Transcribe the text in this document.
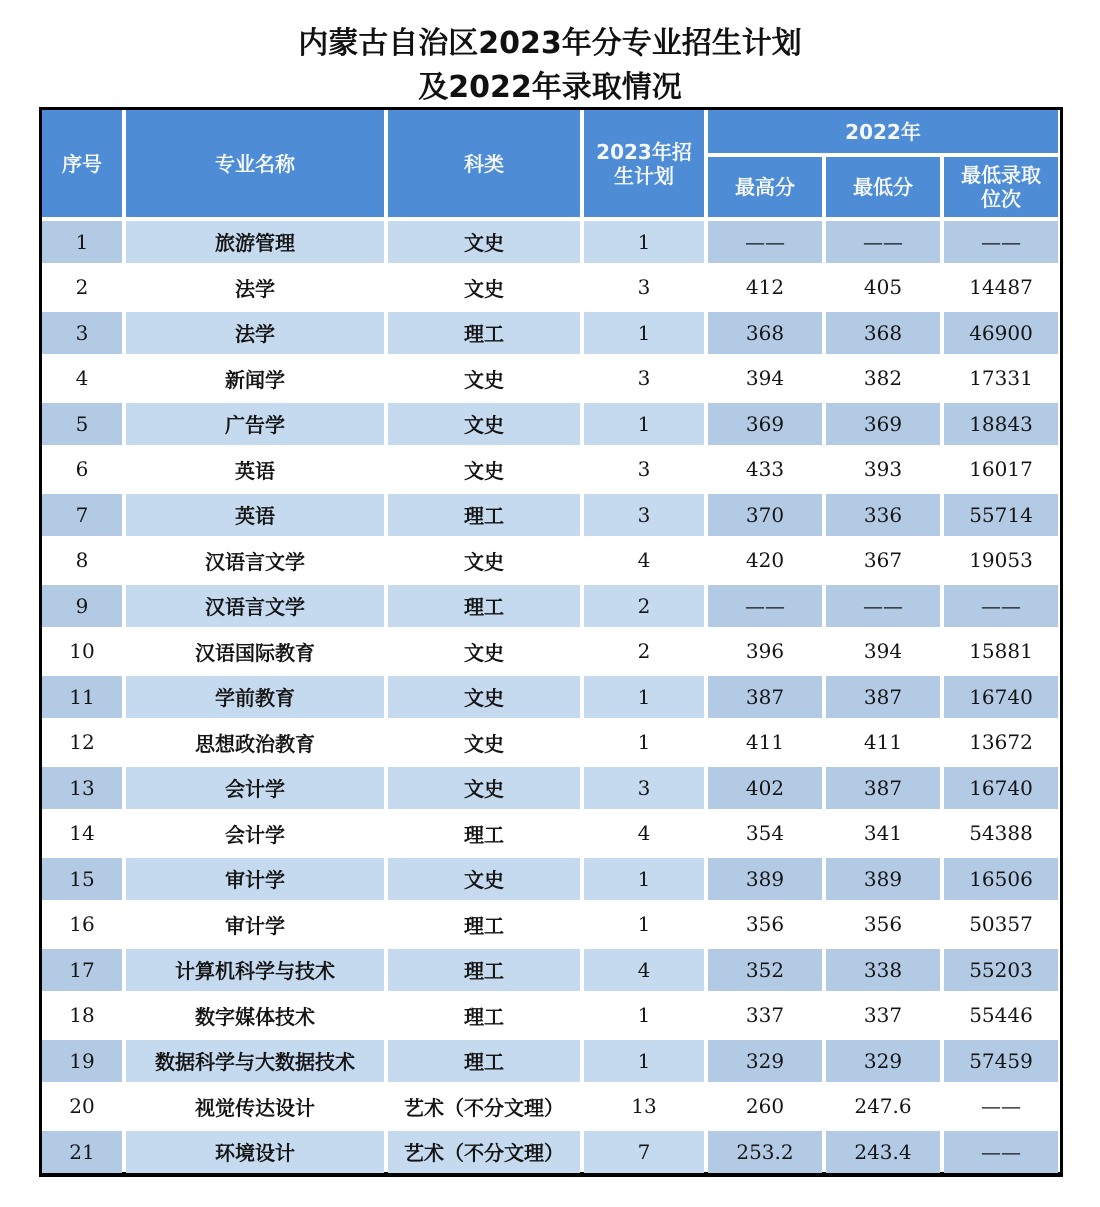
内蒙古自治区2023年分专业招生计划
及2022年录取情况
序号	专业名称	科类	2023年招生计划	2022年		
				最高分	最低分	最低录取位次
1	旅游管理	文史	1	——	——	——
2	法学	文史	3	412	405	14487
3	法学	理工	1	368	368	46900
4	新闻学	文史	3	394	382	17331
5	广告学	文史	1	369	369	18843
6	英语	文史	3	433	393	16017
7	英语	理工	3	370	336	55714
8	汉语言文学	文史	4	420	367	19053
9	汉语言文学	理工	2	——	——	——
10	汉语国际教育	文史	2	396	394	15881
11	学前教育	文史	1	387	387	16740
12	思想政治教育	文史	1	411	411	13672
13	会计学	文史	3	402	387	16740
14	会计学	理工	4	354	341	54388
15	审计学	文史	1	389	389	16506
16	审计学	理工	1	356	356	50357
17	计算机科学与技术	理工	4	352	338	55203
18	数字媒体技术	理工	1	337	337	55446
19	数据科学与大数据技术	理工	1	329	329	57459
20	视觉传达设计	艺术（不分文理）	13	260	247.6	——
21	环境设计	艺术（不分文理）	7	253.2	243.4	——
